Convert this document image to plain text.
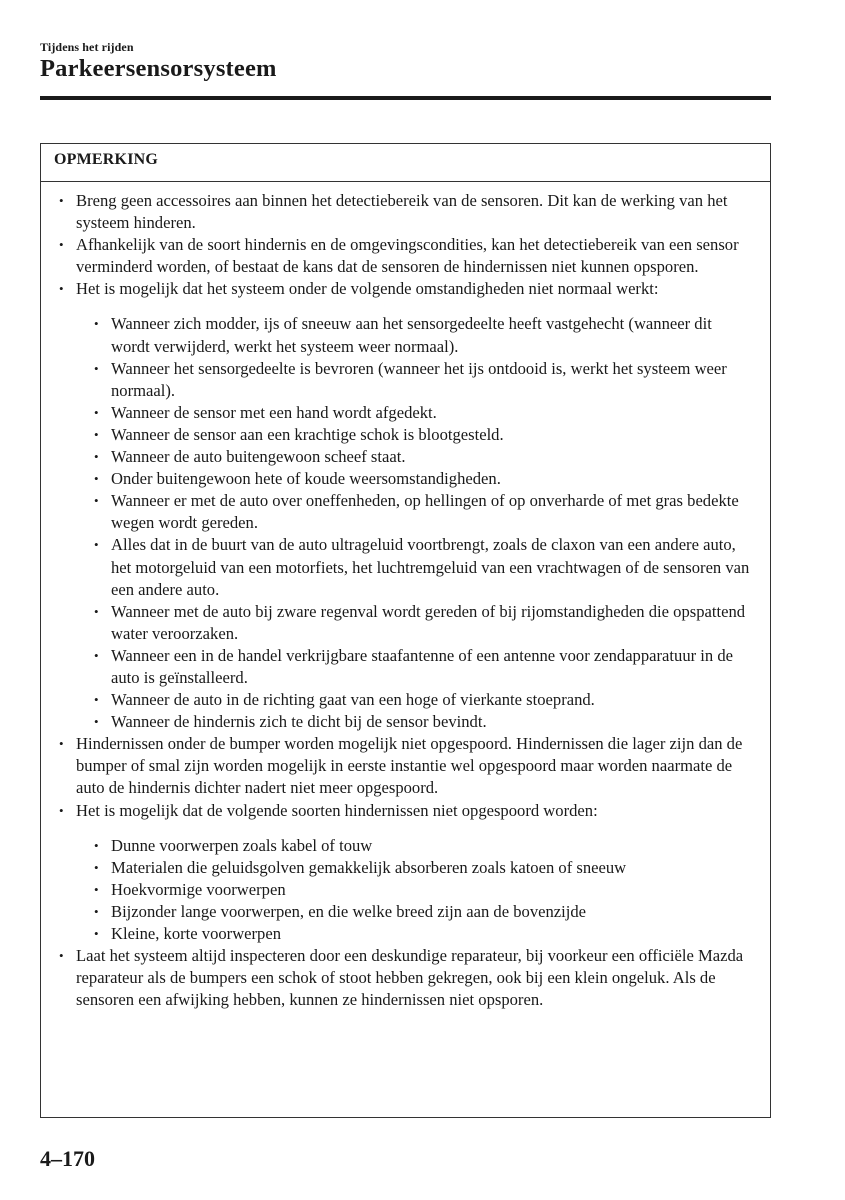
Tijdens het rijden
Parkeersensorsysteem
OPMERKING
• Breng geen accessoires aan binnen het detectiebereik van de sensoren. Dit kan de werking van het systeem hinderen.
• Afhankelijk van de soort hindernis en de omgevingscondities, kan het detectiebereik van een sensor verminderd worden, of bestaat de kans dat de sensoren de hindernissen niet kunnen opsporen.
• Het is mogelijk dat het systeem onder de volgende omstandigheden niet normaal werkt:
• Wanneer zich modder, ijs of sneeuw aan het sensorgedeelte heeft vastgehecht (wanneer dit wordt verwijderd, werkt het systeem weer normaal).
• Wanneer het sensorgedeelte is bevroren (wanneer het ijs ontdooid is, werkt het systeem weer normaal).
• Wanneer de sensor met een hand wordt afgedekt.
• Wanneer de sensor aan een krachtige schok is blootgesteld.
• Wanneer de auto buitengewoon scheef staat.
• Onder buitengewoon hete of koude weersomstandigheden.
• Wanneer er met de auto over oneffenheden, op hellingen of op onverharde of met gras bedekte wegen wordt gereden.
• Alles dat in de buurt van de auto ultrageluid voortbrengt, zoals de claxon van een andere auto, het motorgeluid van een motorfiets, het luchtremgeluid van een vrachtwagen of de sensoren van een andere auto.
• Wanneer met de auto bij zware regenval wordt gereden of bij rijomstandigheden die opspattend water veroorzaken.
• Wanneer een in de handel verkrijgbare staafantenne of een antenne voor zendapparatuur in de auto is geïnstalleerd.
• Wanneer de auto in de richting gaat van een hoge of vierkante stoeprand.
• Wanneer de hindernis zich te dicht bij de sensor bevindt.
• Hindernissen onder de bumper worden mogelijk niet opgespoord. Hindernissen die lager zijn dan de bumper of smal zijn worden mogelijk in eerste instantie wel opgespoord maar worden naarmate de auto de hindernis dichter nadert niet meer opgespoord.
• Het is mogelijk dat de volgende soorten hindernissen niet opgespoord worden:
• Dunne voorwerpen zoals kabel of touw
• Materialen die geluidsgolven gemakkelijk absorberen zoals katoen of sneeuw
• Hoekvormige voorwerpen
• Bijzonder lange voorwerpen, en die welke breed zijn aan de bovenzijde
• Kleine, korte voorwerpen
• Laat het systeem altijd inspecteren door een deskundige reparateur, bij voorkeur een officiële Mazda reparateur als de bumpers een schok of stoot hebben gekregen, ook bij een klein ongeluk. Als de sensoren een afwijking hebben, kunnen ze hindernissen niet opsporen.
4–170
